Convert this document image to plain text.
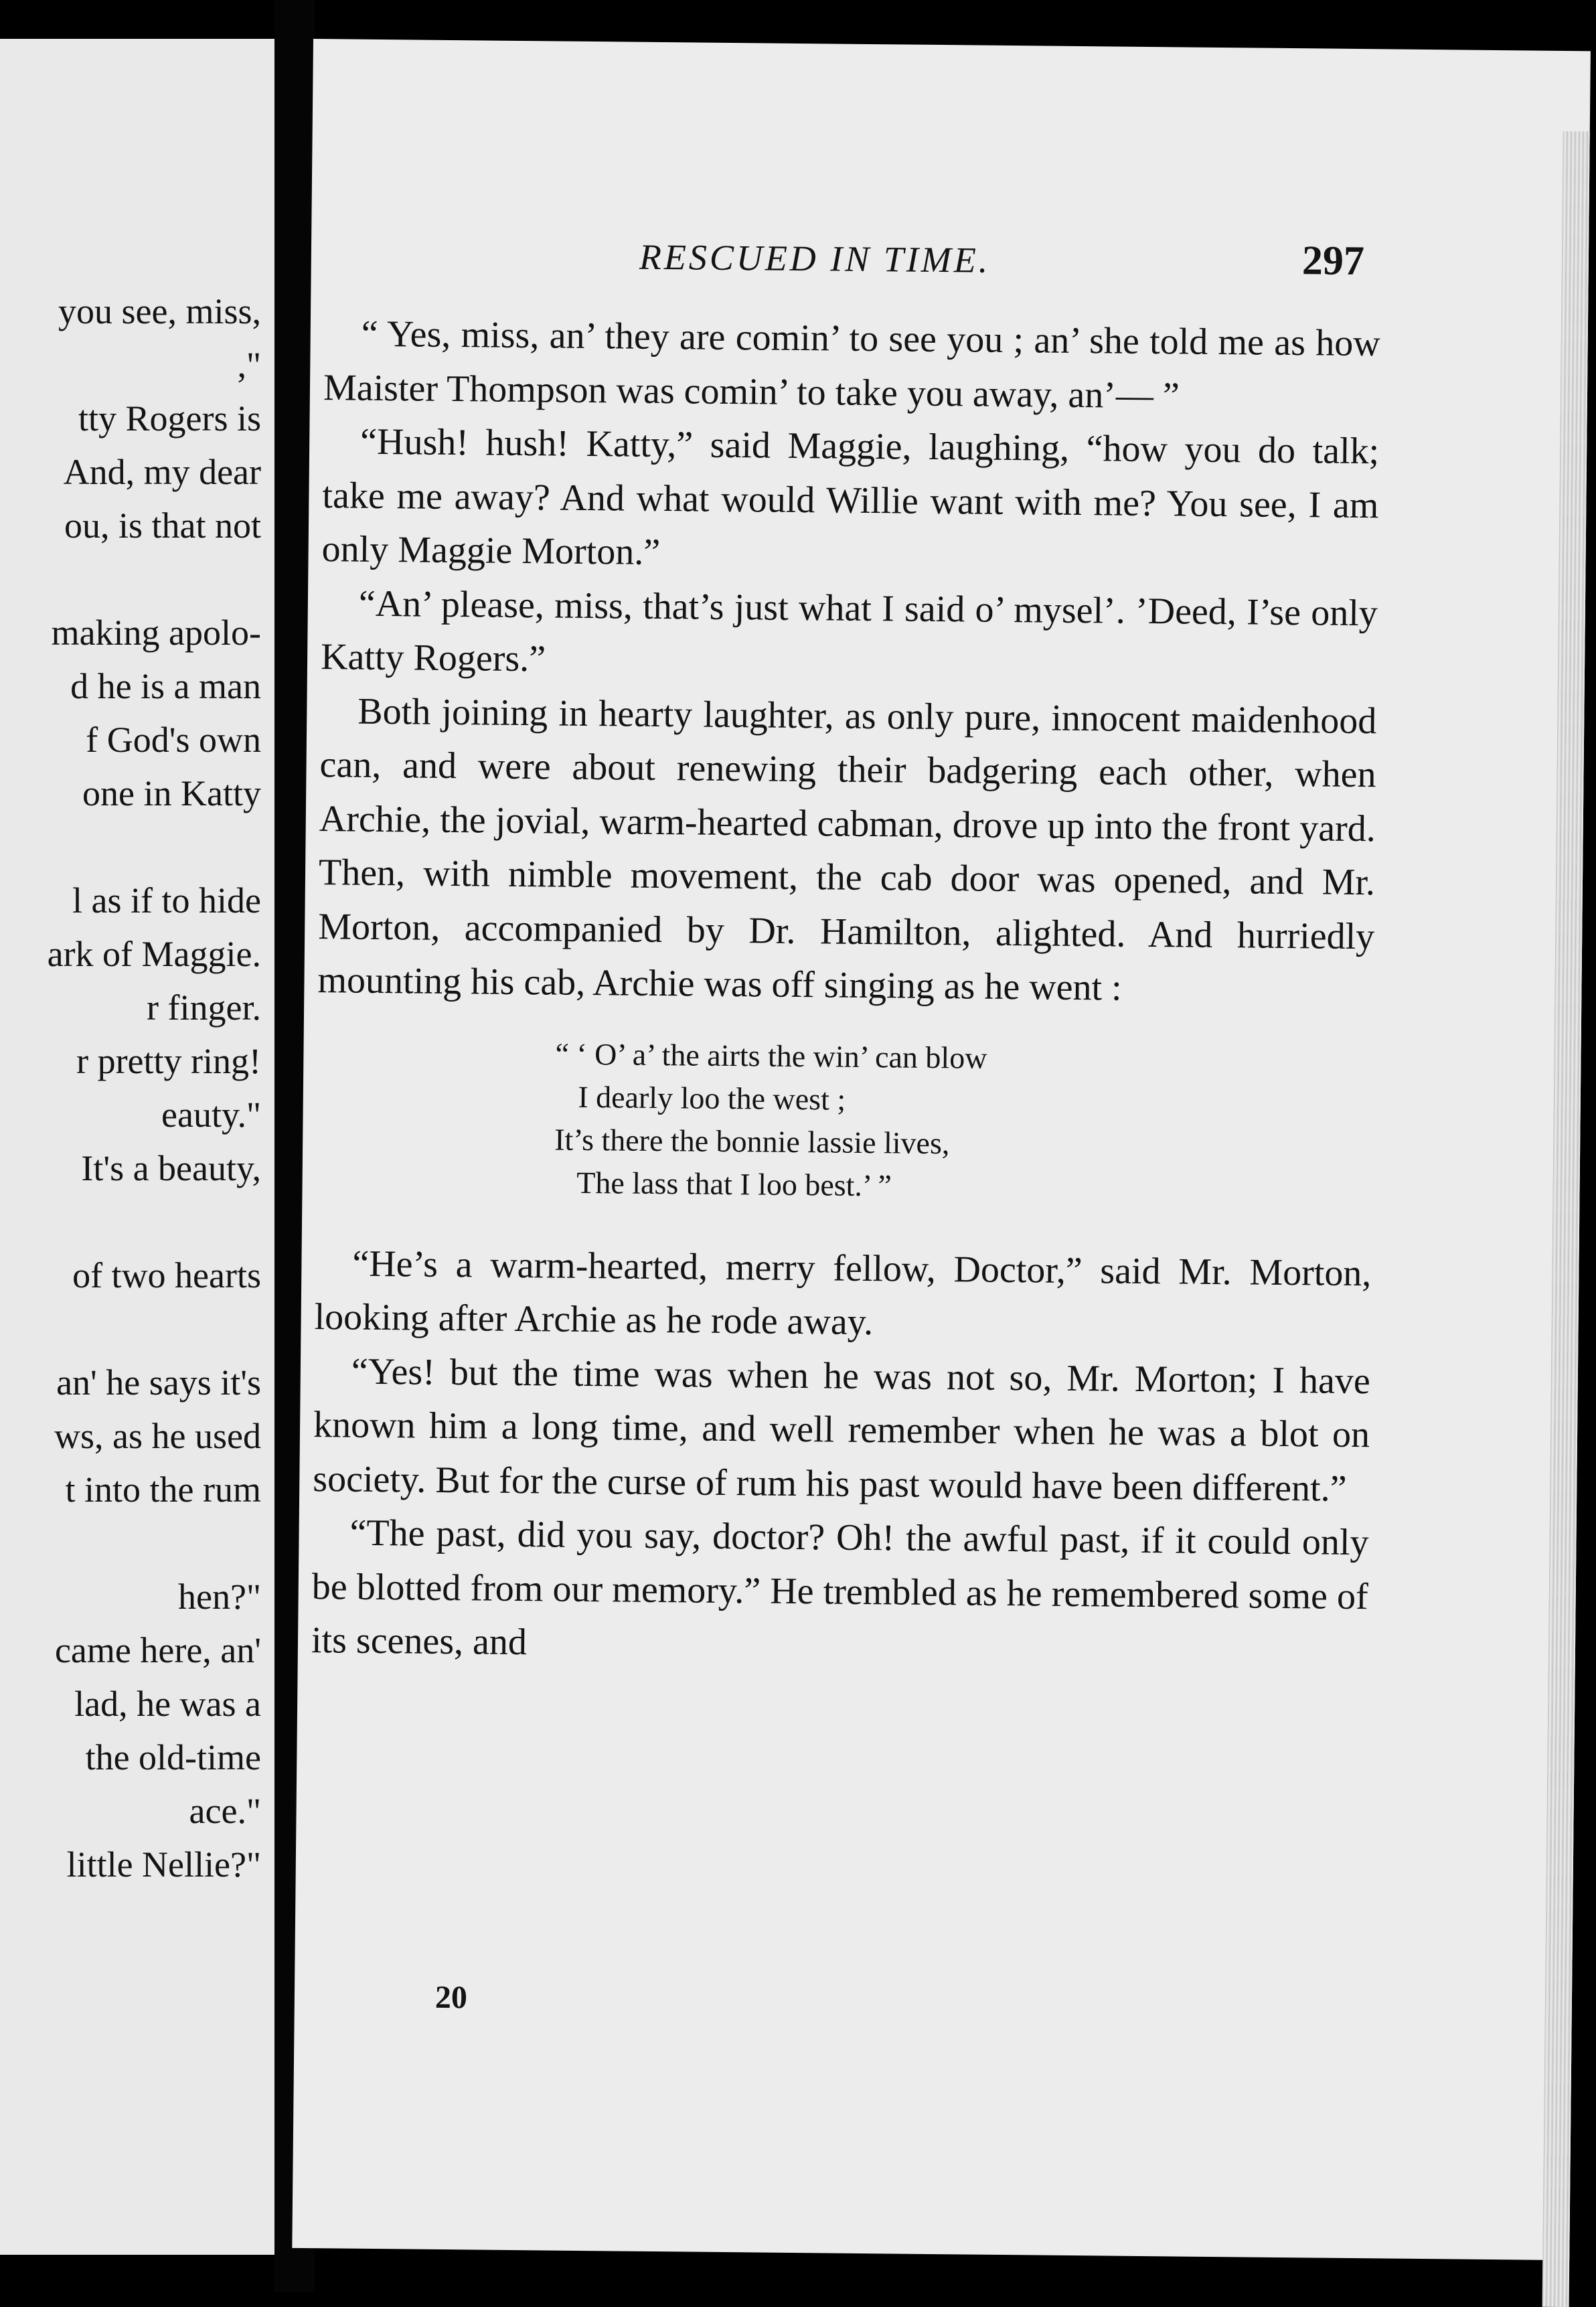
you see, miss,

,"

tty Rogers is

And, my dear

ou, is that not

making apolo-

d he is a man

f God's own

one in Katty

l as if to hide

ark of Maggie.

r finger.

r pretty ring!

eauty."

It's a beauty,

of two hearts

an' he says it's

ws, as he used

t into the rum

hen?"

came here, an'

lad, he was a

the old-time

ace."

little Nellie?"

RESCUED IN TIME.	297

“ Yes, miss, an’ they are comin’ to see you ; an’ she told me as how Maister Thompson was comin’ to take you away, an’— ”

“Hush! hush! Katty,” said Maggie, laughing, “how you do talk; take me away? And what would Willie want with me? You see, I am only Maggie Morton.”

“An’ please, miss, that’s just what I said o’ mysel’. ’Deed, I’se only Katty Rogers.”

Both joining in hearty laughter, as only pure, innocent maidenhood can, and were about renewing their badgering each other, when Archie, the jovial, warm-hearted cabman, drove up into the front yard. Then, with nimble movement, the cab door was opened, and Mr. Morton, accompanied by Dr. Hamilton, alighted. And hurriedly mounting his cab, Archie was off singing as he went :

“ ‘ O’ a’ the airts the win’ can blow

I dearly loo the west ;

It’s there the bonnie lassie lives,

The lass that I loo best.’ ”

“He’s a warm-hearted, merry fellow, Doctor,” said Mr. Morton, looking after Archie as he rode away.

“Yes! but the time was when he was not so, Mr. Morton; I have known him a long time, and well remember when he was a blot on society. But for the curse of rum his past would have been different.”

“The past, did you say, doctor? Oh! the awful past, if it could only be blotted from our memory.” He trembled as he remembered some of its scenes, and

20
